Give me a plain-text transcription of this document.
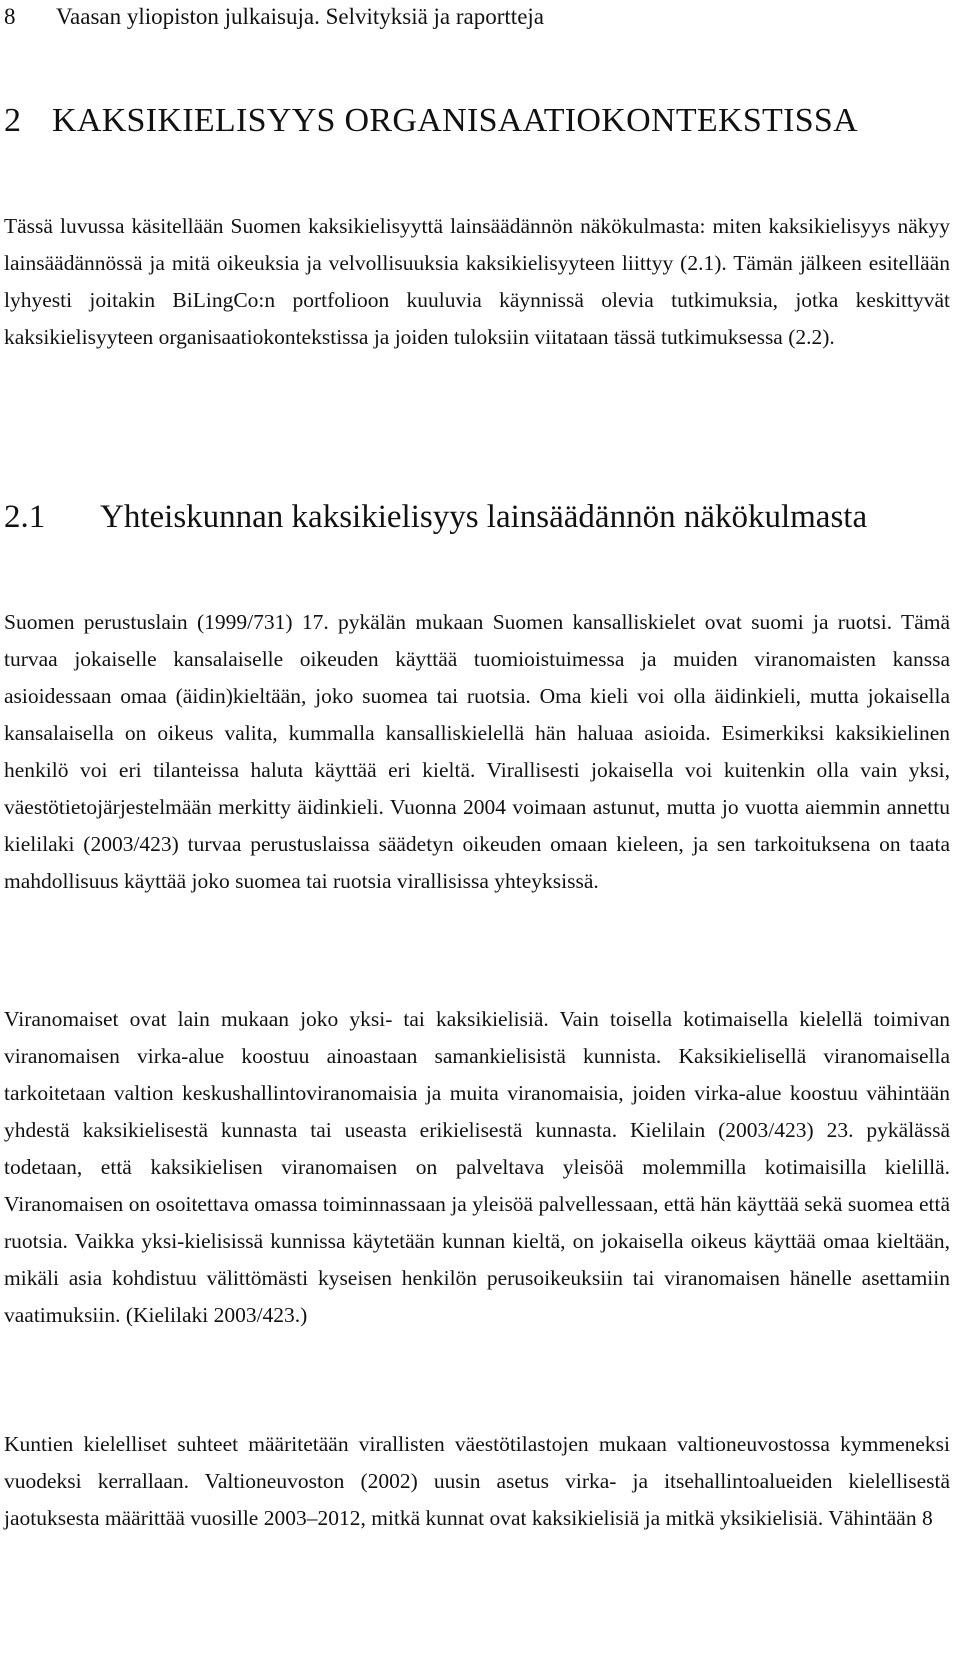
8 Vaasan yliopiston julkaisuja. Selvityksiä ja raportteja
2 KAKSIKIELISYYS ORGANISAATIOKONTEKSTISSA

Tässä luvussa käsitellään Suomen kaksikielisyyttä lainsäädännön näkökulmasta: miten kaksikielisyys näkyy lainsäädännössä ja mitä oikeuksia ja velvollisuuksia kaksikielisyyteen liittyy (2.1). Tämän jälkeen esitellään lyhyesti joitakin BiLingCo:n portfolioon kuuluvia käynnissä olevia tutkimuksia, jotka keskittyvät kaksikielisyyteen organisaatiokontekstissa ja joiden tuloksiin viitataan tässä tutkimuksessa (2.2).

2.1 Yhteiskunnan kaksikielisyys lainsäädännön näkökulmasta

Suomen perustuslain (1999/731) 17. pykälän mukaan Suomen kansalliskielet ovat suomi ja ruotsi. Tämä turvaa jokaiselle kansalaiselle oikeuden käyttää tuomioistuimessa ja muiden viranomaisten kanssa asioidessaan omaa (äidin)kieltään, joko suomea tai ruotsia. Oma kieli voi olla äidinkieli, mutta jokaisella kansalaisella on oikeus valita, kummalla kansalliskielellä hän haluaa asioida. Esimerkiksi kaksikielinen henkilö voi eri tilanteissa haluta käyttää eri kieltä. Virallisesti jokaisella voi kuitenkin olla vain yksi, väestötietojärjestelmään merkitty äidinkieli. Vuonna 2004 voimaan astunut, mutta jo vuotta aiemmin annettu kielilaki (2003/423) turvaa perustuslaissa säädetyn oikeuden omaan kieleen, ja sen tarkoituksena on taata mahdollisuus käyttää joko suomea tai ruotsia virallisissa yhteyksissä.

Viranomaiset ovat lain mukaan joko yksi- tai kaksikielisiä. Vain toisella kotimaisella kielellä toimivan viranomaisen virka-alue koostuu ainoastaan samankielisistä kunnista. Kaksikielisellä viranomaisella tarkoitetaan valtion keskushallintoviranomaisia ja muita viranomaisia, joiden virka-alue koostuu vähintään yhdestä kaksikielisestä kunnasta tai useasta erikielisestä kunnasta. Kielilain (2003/423) 23. pykälässä todetaan, että kaksikielisen viranomaisen on palveltava yleisöä molemmilla kotimaisilla kielillä. Viranomaisen on osoitettava omassa toiminnassaan ja yleisöä palvellessaan, että hän käyttää sekä suomea että ruotsia. Vaikka yksi-kielisissä kunnissa käytetään kunnan kieltä, on jokaisella oikeus käyttää omaa kieltään, mikäli asia kohdistuu välittömästi kyseisen henkilön perusoikeuksiin tai viranomaisen hänelle asettamiin vaatimuksiin. (Kielilaki 2003/423.)

Kuntien kielelliset suhteet määritetään virallisten väestötilastojen mukaan valtioneuvostossa kymmeneksi vuodeksi kerrallaan. Valtioneuvoston (2002) uusin asetus virka- ja itsehallintoalueiden kielellisestä jaotuksesta määrittää vuosille 2003–2012, mitkä kunnat ovat kaksikielisiä ja mitkä yksikielisiä. Vähintään 8
